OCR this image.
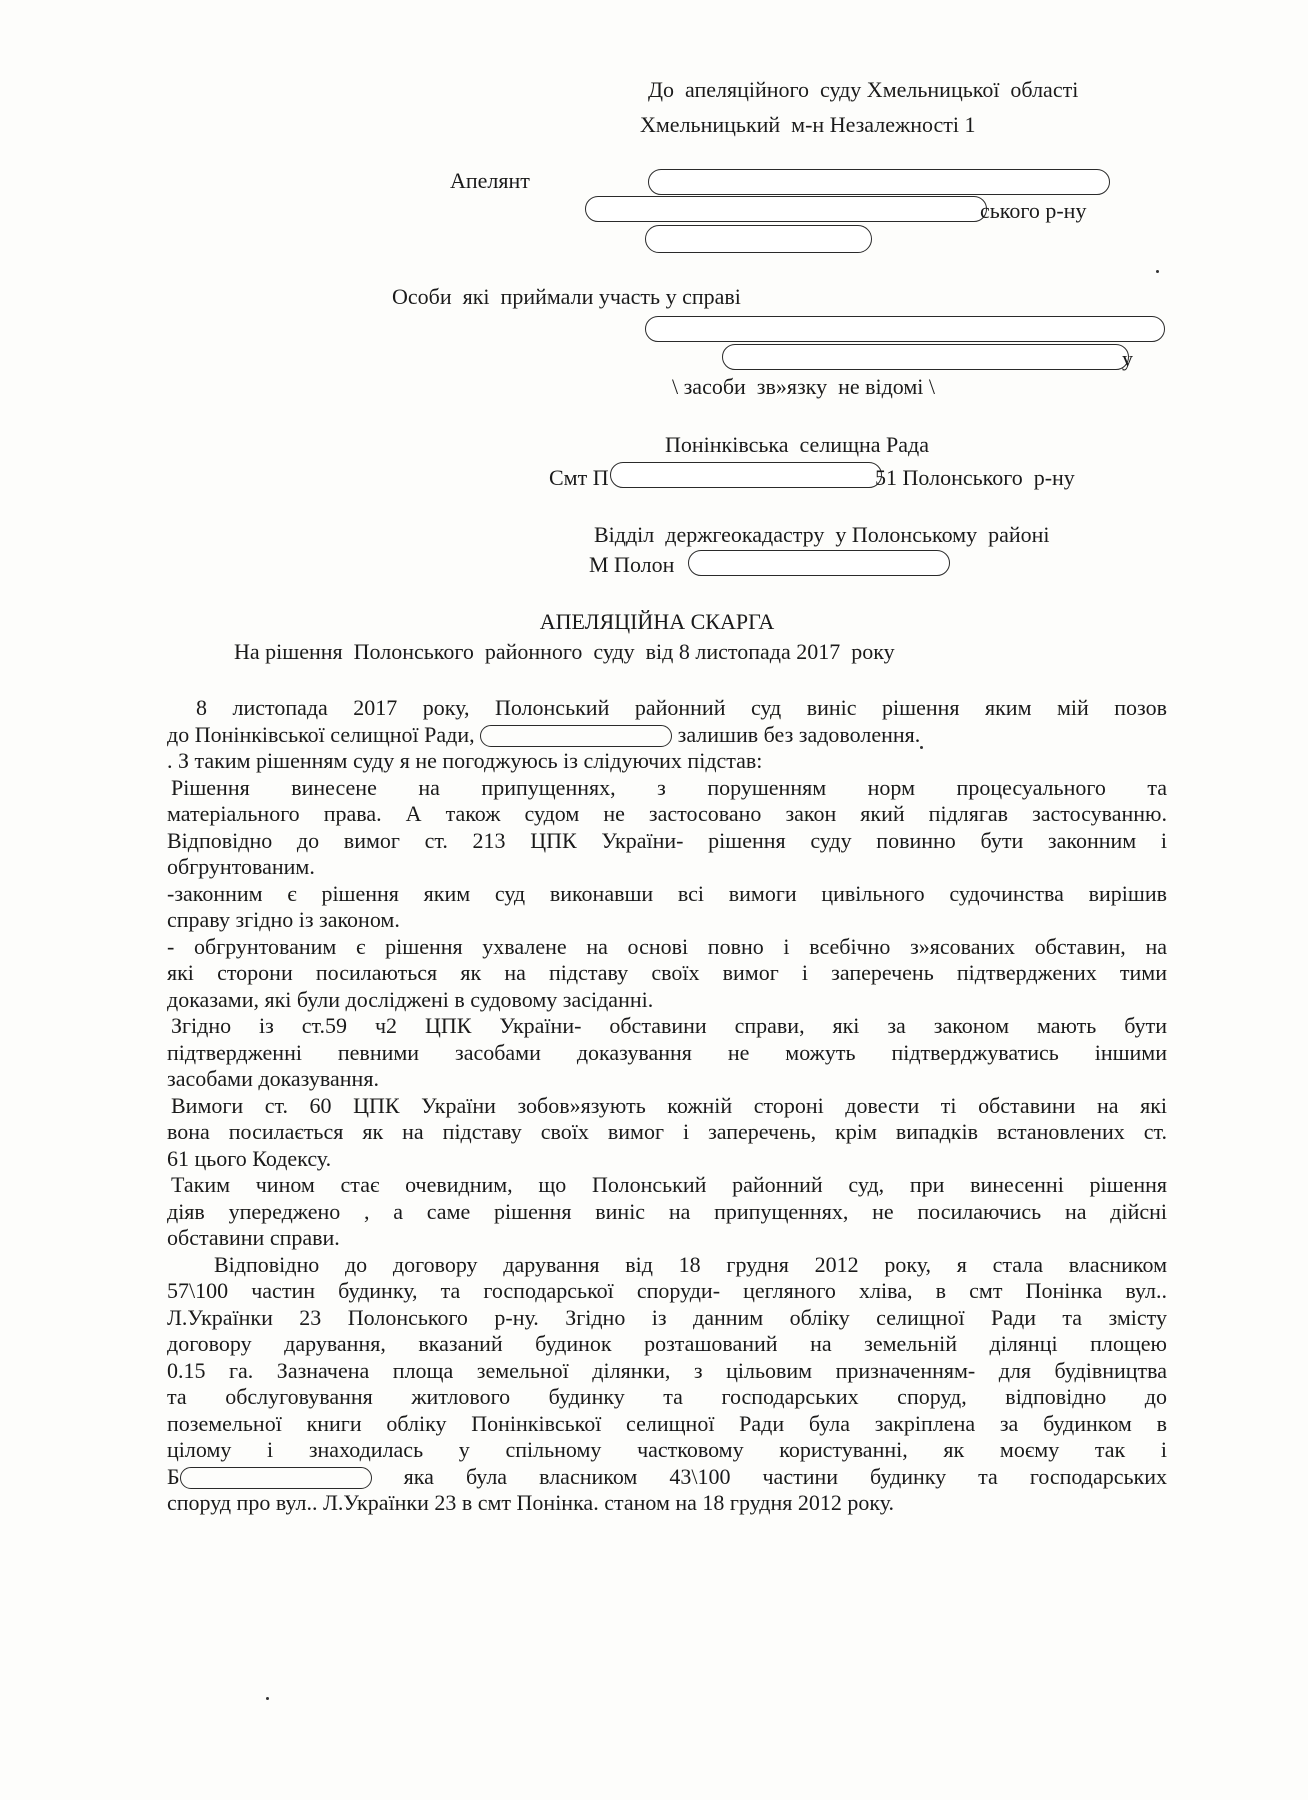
До  апеляційного  суду Хмельницької  області
Хмельницький  м-н Незалежності 1
Апелянт
ського р-ну
Особи  які  приймали участь у справі
у
\ засоби  зв»язку  не відомі \
Понінківська  селищна Рада
Смт П	51 Полонського  р-ну
Відділ  держгеокадастру  у Полонському  районі
М Полон
АПЕЛЯЦІЙНА СКАРГА
На рішення  Полонського  районного  суду  від 8 листопада 2017  року
8 листопада 2017 року, Полонський районний суд виніс рішення яким мій позов
до Понінківської селищної Ради,	залишив без задоволення.
. З таким рішенням суду я не погоджуюсь із слідуючих підстав:
Рішення винесене на припущеннях, з порушенням норм процесуального та
матеріального права. А також судом не застосовано закон який підлягав застосуванню.
Відповідно до вимог ст. 213 ЦПК України- рішення суду повинно бути законним і
обгрунтованим.
-законним є рішення яким суд виконавши всі вимоги цивільного судочинства вирішив
справу згідно із законом.
- обгрунтованим є рішення ухвалене на основі повно і всебічно з»ясованих обставин, на
які сторони посилаються як на підставу своїх вимог і заперечень підтверджених тими
доказами, які були досліджені в судовому засіданні.
Згідно із ст.59 ч2 ЦПК України- обставини справи, які за законом мають бути
підтвердженні певними засобами доказування не можуть підтверджуватись іншими
засобами доказування.
Вимоги ст. 60 ЦПК України зобов»язують кожній стороні довести ті обставини на які
вона посилається як на підставу своїх вимог і заперечень, крім випадків встановлених ст.
61 цього Кодексу.
Таким чином стає очевидним, що Полонський районний суд, при винесенні рішення
діяв упереджено , а саме рішення виніс на припущеннях, не посилаючись на дійсні
обставини справи.
Відповідно до договору дарування від 18 грудня 2012 року, я стала власником
57\100 частин будинку, та господарської споруди- цегляного хліва, в смт Понінка вул..
Л.Українки 23 Полонського р-ну. Згідно із данним обліку селищної Ради та змісту
договору дарування, вказаний будинок розташований на земельній ділянці площею
0.15 га. Зазначена площа земельної ділянки, з цільовим призначенням- для будівництва
та обслуговування житлового будинку та господарських споруд, відповідно до
поземельної книги обліку Понінківської селищної Ради була закріплена за будинком в
цілому і знаходилась у спільному частковому користуванні, як моєму так і
Б	яка була власником 43\100 частини будинку та господарських
споруд про вул.. Л.Українки 23 в смт Понінка. станом на 18 грудня 2012 року.
